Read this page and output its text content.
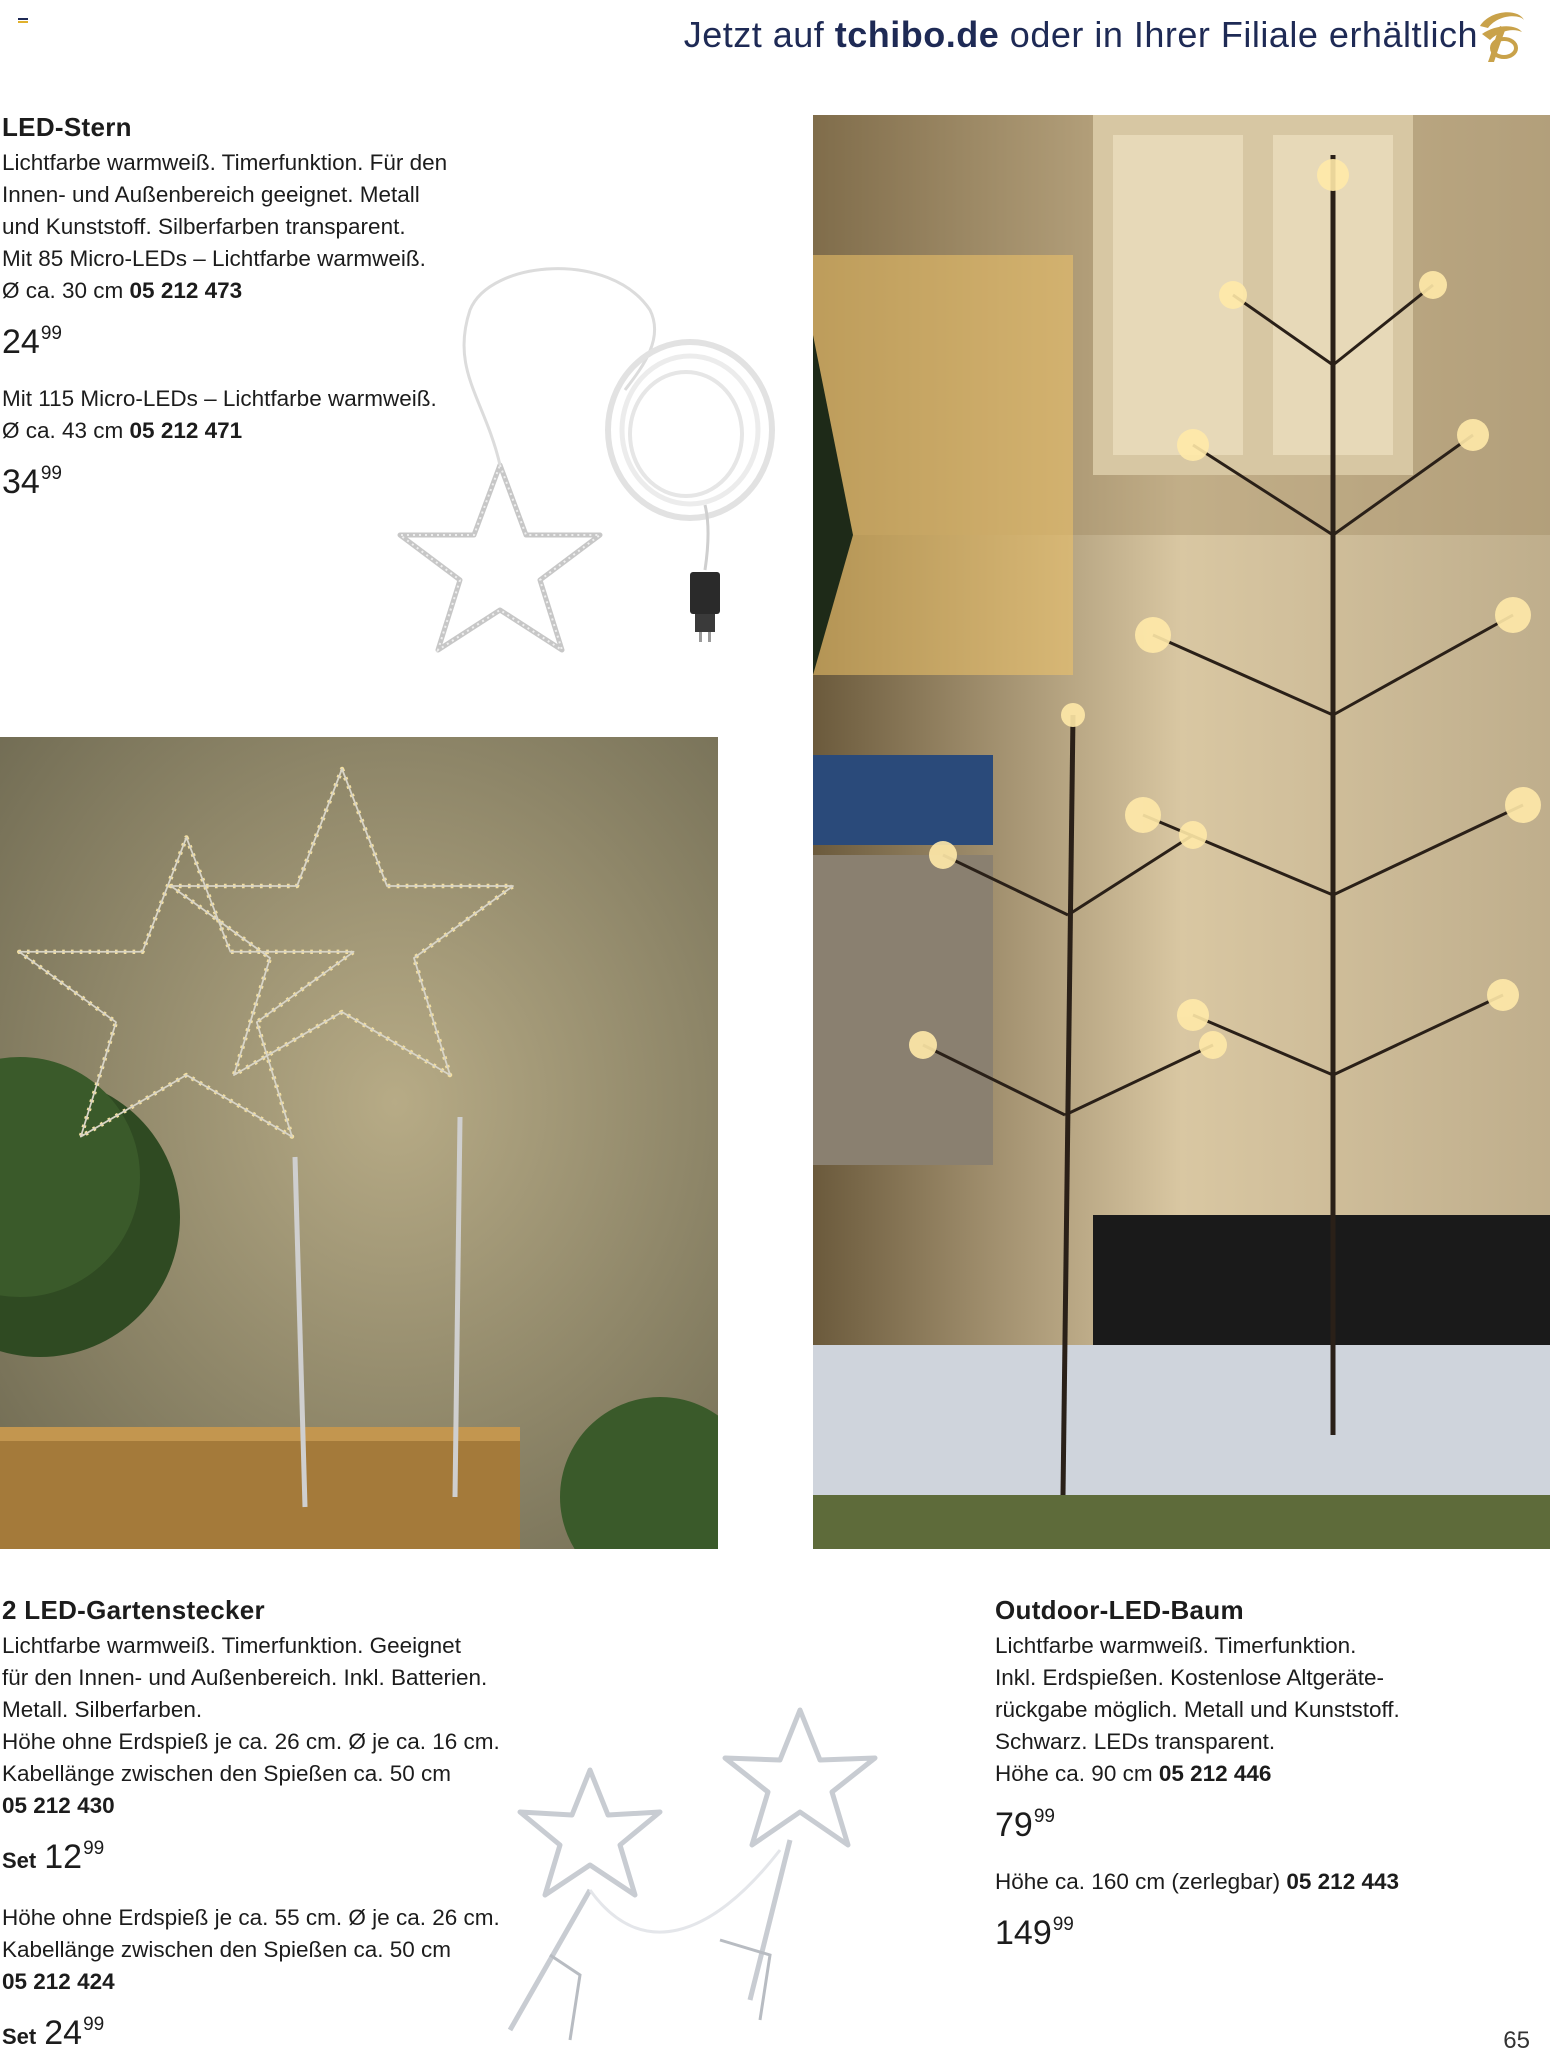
Jetzt auf tchibo.de oder in Ihrer Filiale erhältlich
LED-Stern
Lichtfarbe warmweiß. Timerfunktion. Für den
Innen- und Außenbereich geeignet. Metall
und Kunststoff. Silberfarben transparent.
Mit 85 Micro-LEDs – Lichtfarbe warmweiß.
Ø ca. 30 cm 05 212 473
$24^{99}$
Mit 115 Micro-LEDs – Lichtfarbe warmweiß.
Ø ca. 43 cm 05 212 471
$34^{99}$
2 LED-Gartenstecker
Lichtfarbe warmweiß. Timerfunktion. Geeignet
für den Innen- und Außenbereich. Inkl. Batterien.
Metall. Silberfarben.
Höhe ohne Erdspieß je ca. 26 cm. Ø je ca. 16 cm.
Kabellänge zwischen den Spießen ca. 50 cm
05 212 430
Set $12^{99}$
Höhe ohne Erdspieß je ca. 55 cm. Ø je ca. 26 cm.
Kabellänge zwischen den Spießen ca. 50 cm
05 212 424
Set $24^{99}$
Outdoor-LED-Baum
Lichtfarbe warmweiß. Timerfunktion.
Inkl. Erdspießen. Kostenlose Altgeräte-
rückgabe möglich. Metall und Kunststoff.
Schwarz. LEDs transparent.
Höhe ca. 90 cm 05 212 446
$79^{99}$
Höhe ca. 160 cm (zerlegbar) 05 212 443
$149^{99}$
65
